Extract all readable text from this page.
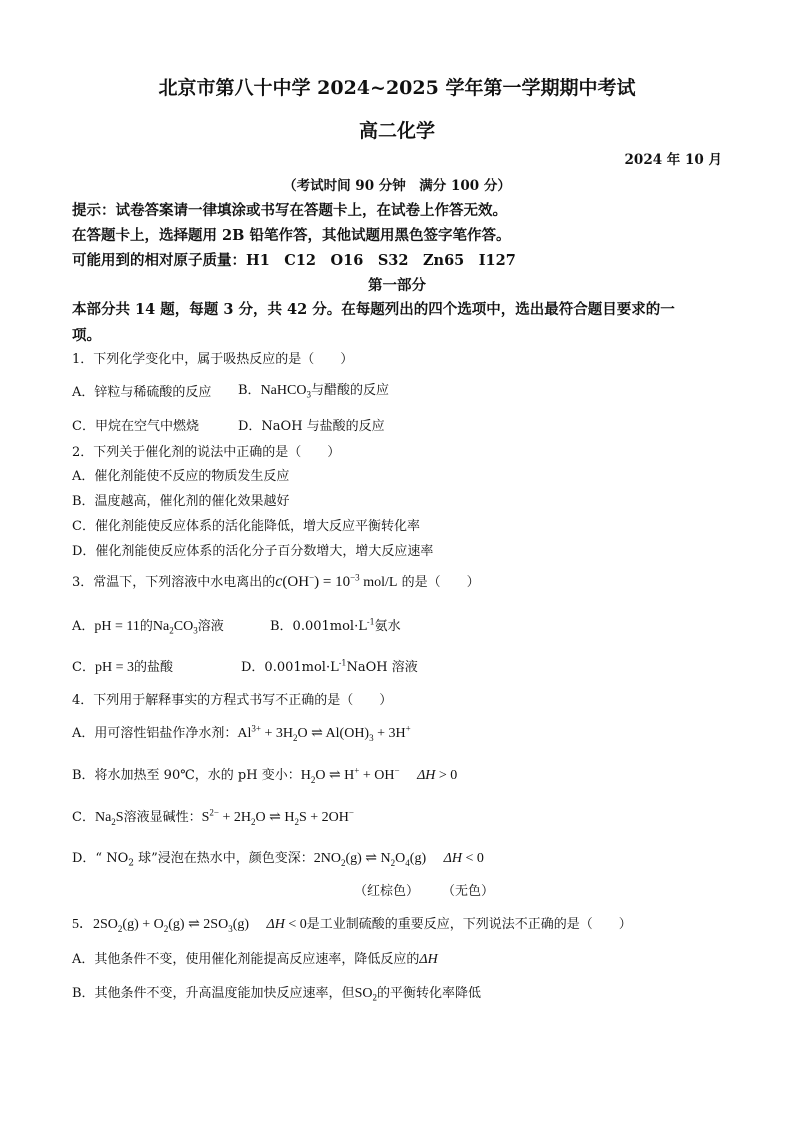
北京市第八十中学 2024~2025 学年第一学期期中考试
高二化学
2024 年 10 月
（考试时间 90 分钟　满分 100 分）
提示：试卷答案请一律填涂或书写在答题卡上，在试卷上作答无效。
在答题卡上，选择题用 2B 铅笔作答，其他试题用黑色签字笔作答。
可能用到的相对原子质量：H1　C12　O16　S32　Zn65　I127
第一部分
本部分共 14 题，每题 3 分，共 42 分。在每题列出的四个选项中，选出最符合题目要求的一
项。
1．下列化学变化中，属于吸热反应的是（　　）
A．锌粒与稀硫酸的反应 B．NaHCO$_3$与醋酸的反应
C．甲烷在空气中燃烧	D．NaOH 与盐酸的反应
2．下列关于催化剂的说法中正确的是（　　）
A．催化剂能使不反应的物质发生反应
B．温度越高，催化剂的催化效果越好
C．催化剂能使反应体系的活化能降低，增大反应平衡转化率
D．催化剂能使反应体系的活化分子百分数增大，增大反应速率
3．常温下，下列溶液中水电离出的$c(OH^-) = 10^{-3}$ mol/L 的是（　　）
A．pH = 11的$Na_2CO_3$溶液	B．$0.001mol\cdot L^{-1}$氨水
C．pH = 3的盐酸	D．$0.001mol\cdot L^{-1}NaOH$ 溶液
4．下列用于解释事实的方程式书写不正确的是（　　）
A．用可溶性铝盐作净水剂：$Al^{3+} + 3H_2O$ ⇌ $Al(OH)_3 + 3H^+$
B．将水加热至 90℃，水的 pH 变小：$H_2O$ ⇌ H+ + OH−　 ΔH > 0
C．$Na_2S$溶液显碱性：$S^{2-} + 2H_2O$ ⇌ $H_2S + 2OH^-$
D．“ $NO_2$ 球”浸泡在热水中，颜色变深：$2NO_2(g)$ ⇌ $N_2O_4(g)$　 ΔH < 0
（红棕色） （无色）
5．$2SO_2(g) + O_2(g)$ ⇌ $2SO_3(g)$　 ΔH < 0是工业制硫酸的重要反应，下列说法不正确的是（　　）
A．其他条件不变，使用催化剂能提高反应速率，降低反应的ΔH
B．其他条件不变，升高温度能加快反应速率，但$SO_2$的平衡转化率降低
